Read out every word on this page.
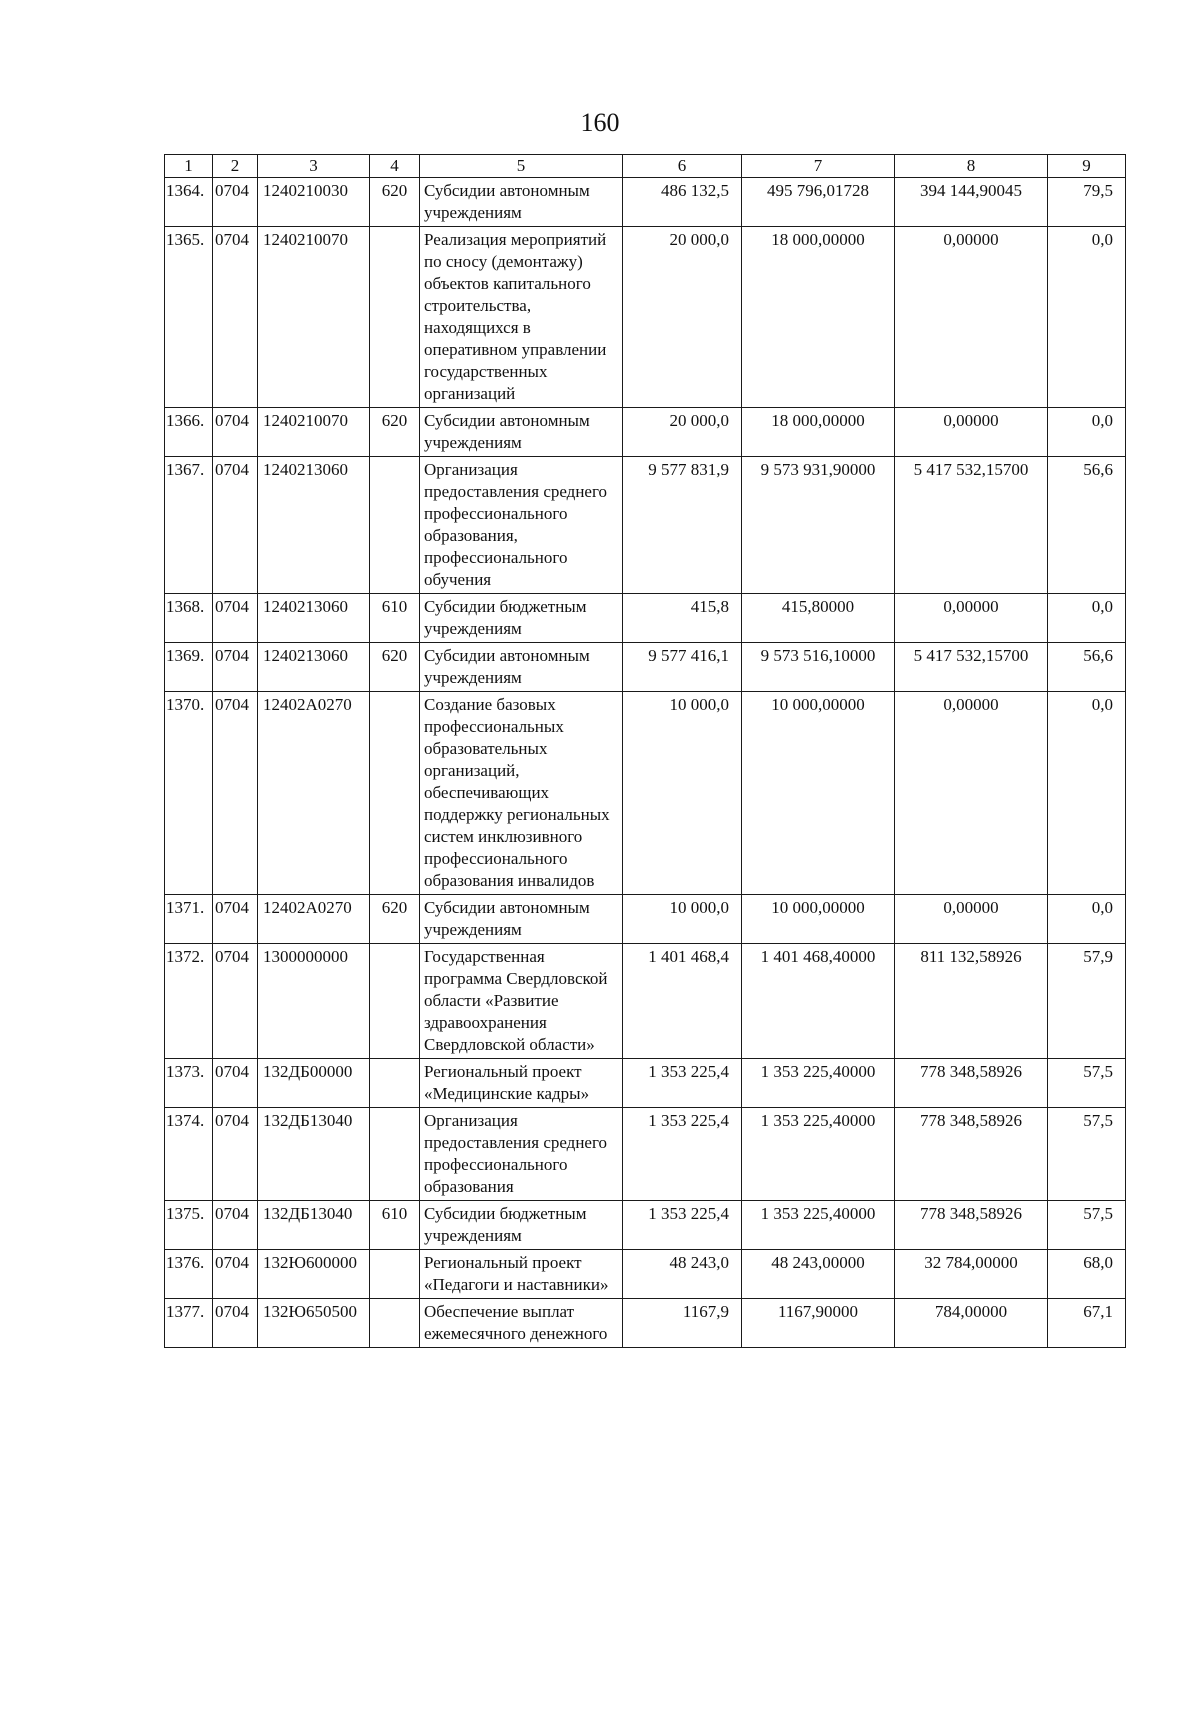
160
1	2	3	4	5	6	7	8	9
1364.	0704	1240210030	620	Субсидии автономным учреждениям	486 132,5	495 796,01728	394 144,90045	79,5
1365.	0704	1240210070		Реализация мероприятий по сносу (демонтажу) объектов капитального строительства, находящихся в оперативном управлении государственных организаций	20 000,0	18 000,00000	0,00000	0,0
1366.	0704	1240210070	620	Субсидии автономным учреждениям	20 000,0	18 000,00000	0,00000	0,0
1367.	0704	1240213060		Организация предоставления среднего профессионального образования, профессионального обучения	9 577 831,9	9 573 931,90000	5 417 532,15700	56,6
1368.	0704	1240213060	610	Субсидии бюджетным учреждениям	415,8	415,80000	0,00000	0,0
1369.	0704	1240213060	620	Субсидии автономным учреждениям	9 577 416,1	9 573 516,10000	5 417 532,15700	56,6
1370.	0704	12402А0270		Создание базовых профессиональных образовательных организаций, обеспечивающих поддержку региональных систем инклюзивного профессионального образования инвалидов	10 000,0	10 000,00000	0,00000	0,0
1371.	0704	12402А0270	620	Субсидии автономным учреждениям	10 000,0	10 000,00000	0,00000	0,0
1372.	0704	1300000000		Государственная программа Свердловской области «Развитие здравоохранения Свердловской области»	1 401 468,4	1 401 468,40000	811 132,58926	57,9
1373.	0704	132ДБ00000		Региональный проект «Медицинские кадры»	1 353 225,4	1 353 225,40000	778 348,58926	57,5
1374.	0704	132ДБ13040		Организация предоставления среднего профессионального образования	1 353 225,4	1 353 225,40000	778 348,58926	57,5
1375.	0704	132ДБ13040	610	Субсидии бюджетным учреждениям	1 353 225,4	1 353 225,40000	778 348,58926	57,5
1376.	0704	132Ю600000		Региональный проект «Педагоги и наставники»	48 243,0	48 243,00000	32 784,00000	68,0
1377.	0704	132Ю650500		Обеспечение выплат ежемесячного денежного	1167,9	1167,90000	784,00000	67,1
